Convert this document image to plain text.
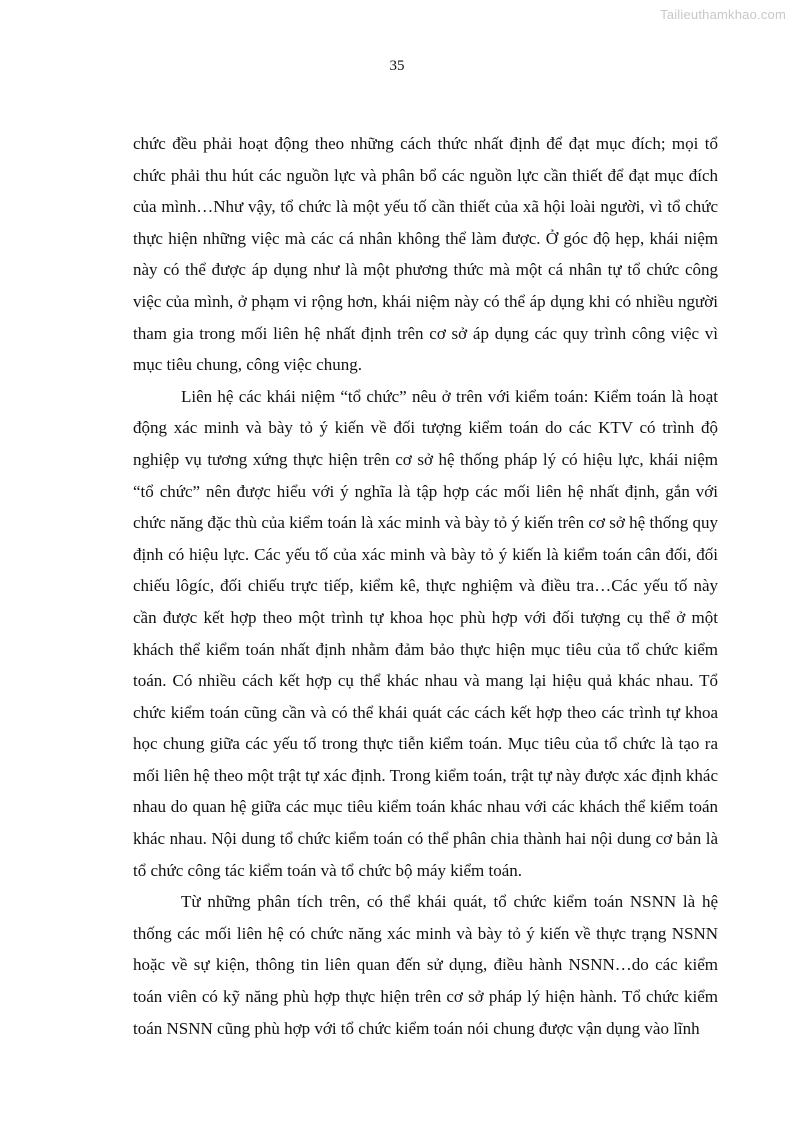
Tailieuthamkhao.com
35

chức đều phải hoạt động theo những cách thức nhất định để đạt mục đích; mọi tổ chức phải thu hút các nguồn lực và phân bổ các nguồn lực cần thiết để đạt mục đích của mình…Như vậy, tổ chức là một yếu tố cần thiết của xã hội loài người, vì tổ chức thực hiện những việc mà các cá nhân không thể làm được. Ở góc độ hẹp, khái niệm này có thể được áp dụng như là một phương thức mà một cá nhân tự tổ chức công việc của mình, ở phạm vi rộng hơn, khái niệm này có thể áp dụng khi có nhiều người tham gia trong mối liên hệ nhất định trên cơ sở áp dụng các quy trình công việc vì mục tiêu chung, công việc chung.

Liên hệ các khái niệm “tổ chức” nêu ở trên với kiểm toán: Kiểm toán là hoạt động xác minh và bày tỏ ý kiến về đối tượng kiểm toán do các KTV có trình độ nghiệp vụ tương xứng thực hiện trên cơ sở hệ thống pháp lý có hiệu lực, khái niệm “tổ chức” nên được hiểu với ý nghĩa là tập hợp các mối liên hệ nhất định, gắn với chức năng đặc thù của kiểm toán là xác minh và bày tỏ ý kiến trên cơ sở hệ thống quy định có hiệu lực. Các yếu tố của xác minh và bày tỏ ý kiến là kiểm toán cân đối, đối chiếu lôgíc, đối chiếu trực tiếp, kiểm kê, thực nghiệm và điều tra…Các yếu tố này cần được kết hợp theo một trình tự khoa học phù hợp với đối tượng cụ thể ở một khách thể kiểm toán nhất định nhằm đảm bảo thực hiện mục tiêu của tổ chức kiểm toán. Có nhiều cách kết hợp cụ thể khác nhau và mang lại hiệu quả khác nhau. Tổ chức kiểm toán cũng cần và có thể khái quát các cách kết hợp theo các trình tự khoa học chung giữa các yếu tố trong thực tiễn kiểm toán. Mục tiêu của tổ chức là tạo ra mối liên hệ theo một trật tự xác định. Trong kiểm toán, trật tự này được xác định khác nhau do quan hệ giữa các mục tiêu kiểm toán khác nhau với các khách thể kiểm toán khác nhau. Nội dung tổ chức kiểm toán có thể phân chia thành hai nội dung cơ bản là tổ chức công tác kiểm toán và tổ chức bộ máy kiểm toán.

Từ những phân tích trên, có thể khái quát, tổ chức kiểm toán NSNN là hệ thống các mối liên hệ có chức năng xác minh và bày tỏ ý kiến về thực trạng NSNN hoặc về sự kiện, thông tin liên quan đến sử dụng, điều hành NSNN…do các kiểm toán viên có kỹ năng phù hợp thực hiện trên cơ sở pháp lý hiện hành. Tổ chức kiểm toán NSNN cũng phù hợp với tổ chức kiểm toán nói chung được vận dụng vào lĩnh
